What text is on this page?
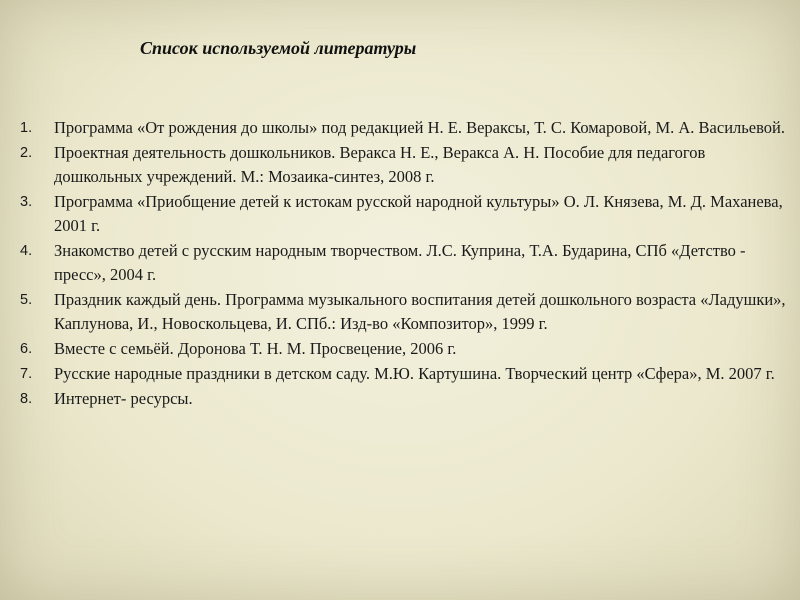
Список используемой литературы
1.	Программа «От рождения до школы» под редакцией Н. Е. Вераксы, Т. С. Комаровой, М. А. Васильевой.
2.	Проектная деятельность дошкольников. Веракса Н. Е., Веракса А. Н. Пособие для педагогов дошкольных учреждений. М.: Мозаика-синтез, 2008 г.
3.	Программа «Приобщение детей к истокам русской народной культуры» О. Л. Князева, М. Д. Маханева, 2001 г.
4.	Знакомство детей с русским народным творчеством. Л.С. Куприна, Т.А. Бударина, СПб «Детство - пресс», 2004 г.
5.	Праздник каждый день. Программа музыкального воспитания детей дошкольного возраста «Ладушки», Каплунова, И., Новоскольцева, И. СПб.: Изд-во «Композитор», 1999 г.
6.	Вместе с семьёй. Доронова Т. Н. М. Просвецение, 2006 г.
7.	Русские народные праздники в детском саду. М.Ю. Картушина. Творческий центр «Сфера», М. 2007 г.
8.	Интернет- ресурсы.
